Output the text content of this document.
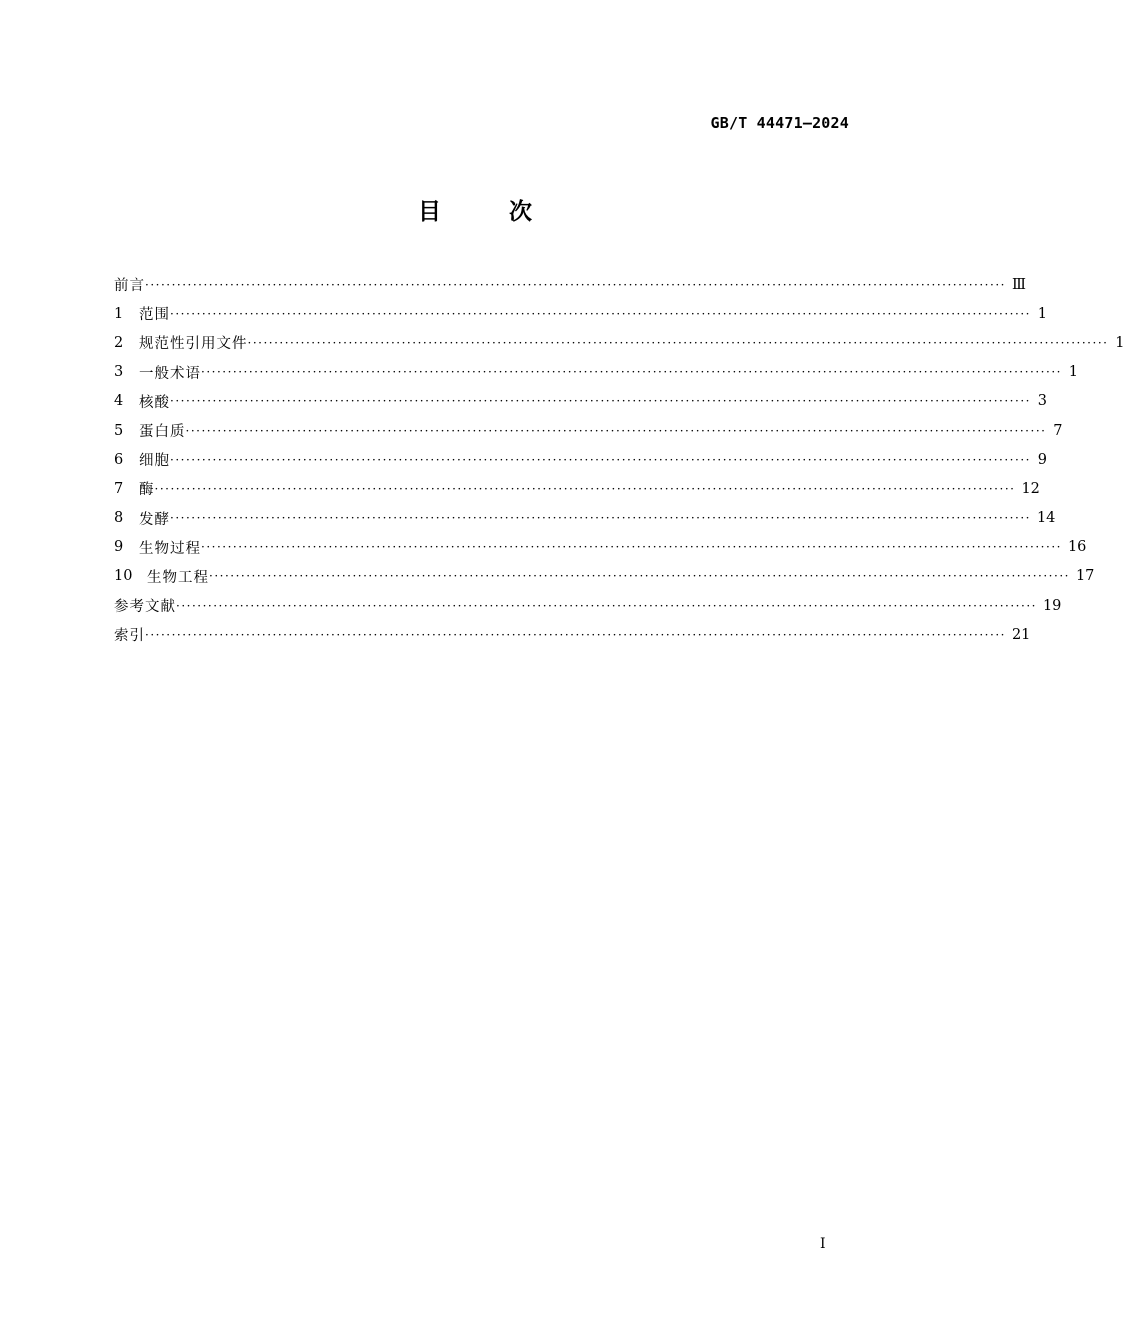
GB/T 44471—2024
目	次
前言 ·································································································································································· Ⅲ
1	范围 ·································································································································································· 1
2	规范性引用文件 ·································································································································································· 1
3	一般术语 ·································································································································································· 1
4	核酸 ·································································································································································· 3
5	蛋白质 ·································································································································································· 7
6	细胞 ·································································································································································· 9
7	酶 ·································································································································································· 12
8	发酵 ·································································································································································· 14
9	生物过程 ·································································································································································· 16
10	生物工程 ·································································································································································· 17
参考文献 ·································································································································································· 19
索引 ·································································································································································· 21
I
